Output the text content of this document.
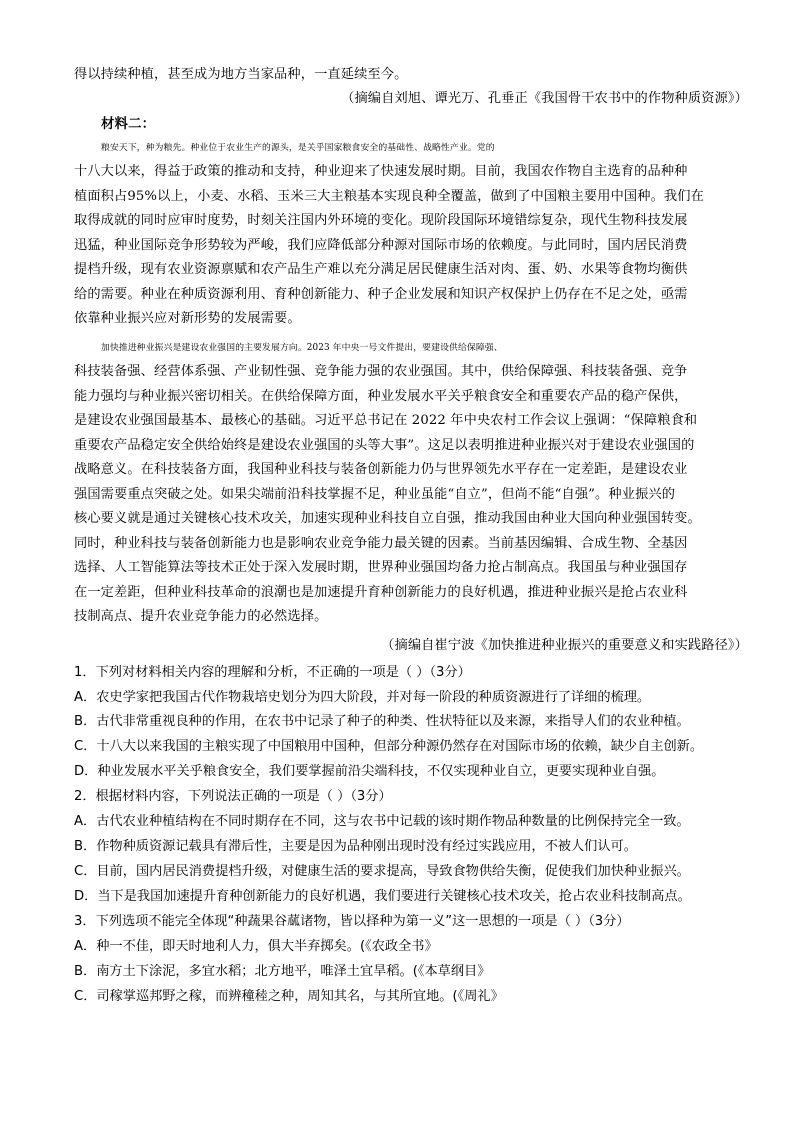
得以持续种植，甚至成为地方当家品种，一直延续至今。
（摘编自刘旭、谭光万、孔垂正《我国骨干农书中的作物种质资源》）
材料二：
粮安天下，种为粮先。种业位于农业生产的源头，是关乎国家粮食安全的基础性、战略性产业。党的
十八大以来，得益于政策的推动和支持，种业迎来了快速发展时期。目前，我国农作物自主选育的品种种
植面积占95%以上，小麦、水稻、玉米三大主粮基本实现良种全覆盖，做到了中国粮主要用中国种。我们在
取得成就的同时应审时度势，时刻关注国内外环境的变化。现阶段国际环境错综复杂，现代生物科技发展
迅猛，种业国际竞争形势较为严峻，我们应降低部分种源对国际市场的依赖度。与此同时，国内居民消费
提档升级，现有农业资源禀赋和农产品生产难以充分满足居民健康生活对肉、蛋、奶、水果等食物均衡供
给的需要。种业在种质资源利用、育种创新能力、种子企业发展和知识产权保护上仍存在不足之处，亟需
依靠种业振兴应对新形势的发展需要。
加快推进种业振兴是建设农业强国的主要发展方向。2023 年中央一号文件提出，要建设供给保障强、
科技装备强、经营体系强、产业韧性强、竞争能力强的农业强国。其中，供给保障强、科技装备强、竞争
能力强均与种业振兴密切相关。在供给保障方面，种业发展水平关乎粮食安全和重要农产品的稳产保供，
是建设农业强国最基本、最核心的基础。习近平总书记在 2022 年中央农村工作会议上强调：“保障粮食和
重要农产品稳定安全供给始终是建设农业强国的头等大事”。这足以表明推进种业振兴对于建设农业强国的
战略意义。在科技装备方面，我国种业科技与装备创新能力仍与世界领先水平存在一定差距，是建设农业
强国需要重点突破之处。如果尖端前沿科技掌握不足，种业虽能“自立”，但尚不能“自强”。种业振兴的
核心要义就是通过关键核心技术攻关，加速实现种业科技自立自强，推动我国由种业大国向种业强国转变。
同时，种业科技与装备创新能力也是影响农业竞争能力最关键的因素。当前基因编辑、合成生物、全基因
选择、人工智能算法等技术正处于深入发展时期，世界种业强国均备力抢占制高点。我国虽与种业强国存
在一定差距，但种业科技革命的浪潮也是加速提升育种创新能力的良好机遇，推进种业振兴是抢占农业科
技制高点、提升农业竞争能力的必然选择。
（摘编自崔宁波《加快推进种业振兴的重要意义和实践路径》）
1．下列对材料相关内容的理解和分析，不正确的一项是（ ）（3分）
A．农史学家把我国古代作物栽培史划分为四大阶段，并对每一阶段的种质资源进行了详细的梳理。
B．古代非常重视良种的作用，在农书中记录了种子的种类、性状特征以及来源，来指导人们的农业种植。
C．十八大以来我国的主粮实现了中国粮用中国种，但部分种源仍然存在对国际市场的依赖，缺少自主创新。
D．种业发展水平关乎粮食安全，我们要掌握前沿尖端科技，不仅实现种业自立，更要实现种业自强。
2．根据材料内容，下列说法正确的一项是（ ）（3分）
A．古代农业种植结构在不同时期存在不同，这与农书中记载的该时期作物品种数量的比例保持完全一致。
B．作物种质资源记载具有滞后性，主要是因为品种刚出现时没有经过实践应用，不被人们认可。
C．目前，国内居民消费提档升级，对健康生活的要求提高，导致食物供给失衡，促使我们加快种业振兴。
D．当下是我国加速提升育种创新能力的良好机遇，我们要进行关键核心技术攻关，抢占农业科技制高点。
3．下列选项不能完全体现“种蔬果谷蓏诸物，皆以择种为第一义”这一思想的一项是（ ）（3分）
A．种一不佳，即天时地利人力，俱大半弃掷矣。(《农政全书》
B．南方土下涂泥，多宜水稻；北方地平，唯泽土宜旱稻。(《本草纲目》
C．司稼掌巡邦野之稼，而辨穜稑之种，周知其名，与其所宜地。(《周礼》
